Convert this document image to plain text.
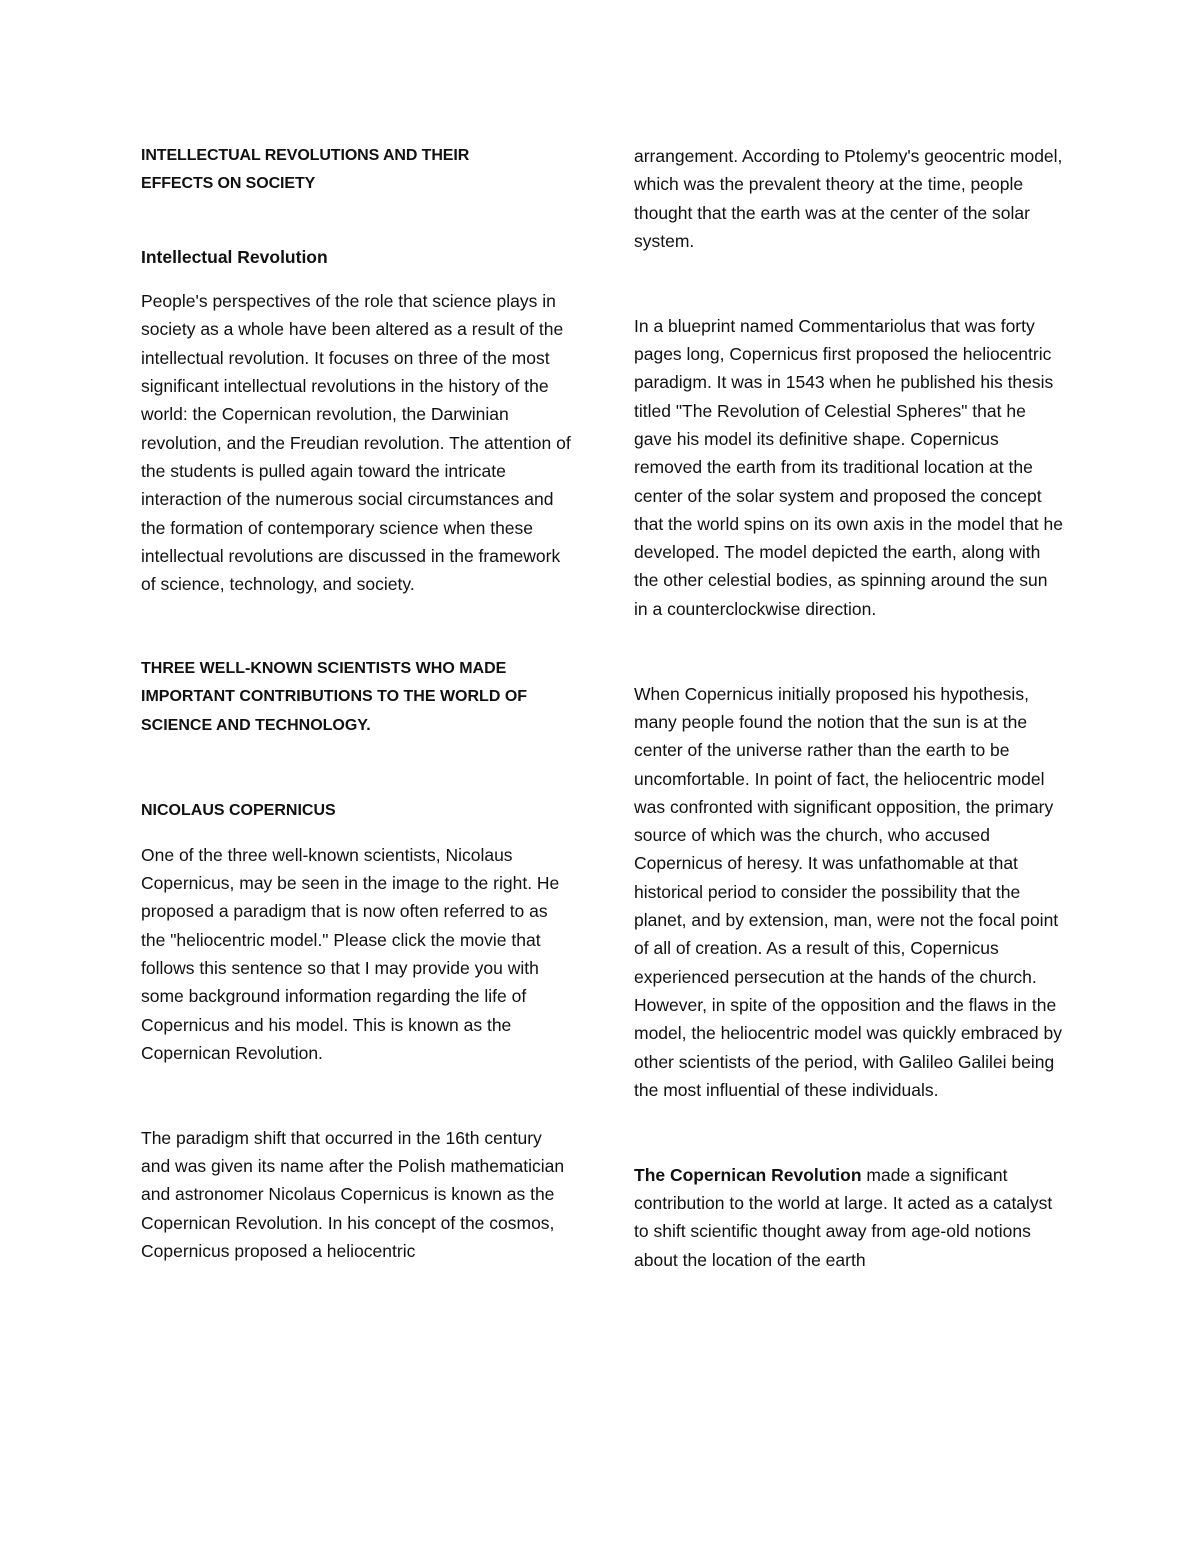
INTELLECTUAL REVOLUTIONS AND THEIR EFFECTS ON SOCIETY

Intellectual Revolution

People's perspectives of the role that science plays in society as a whole have been altered as a result of the intellectual revolution. It focuses on three of the most significant intellectual revolutions in the history of the world: the Copernican revolution, the Darwinian revolution, and the Freudian revolution. The attention of the students is pulled again toward the intricate interaction of the numerous social circumstances and the formation of contemporary science when these intellectual revolutions are discussed in the framework of science, technology, and society.

THREE WELL-KNOWN SCIENTISTS WHO MADE IMPORTANT CONTRIBUTIONS TO THE WORLD OF SCIENCE AND TECHNOLOGY.

NICOLAUS COPERNICUS

One of the three well-known scientists, Nicolaus Copernicus, may be seen in the image to the right. He proposed a paradigm that is now often referred to as the "heliocentric model." Please click the movie that follows this sentence so that I may provide you with some background information regarding the life of Copernicus and his model. This is known as the Copernican Revolution.

The paradigm shift that occurred in the 16th century and was given its name after the Polish mathematician and astronomer Nicolaus Copernicus is known as the Copernican Revolution. In his concept of the cosmos, Copernicus proposed a heliocentric

arrangement. According to Ptolemy's geocentric model, which was the prevalent theory at the time, people thought that the earth was at the center of the solar system.

In a blueprint named Commentariolus that was forty pages long, Copernicus first proposed the heliocentric paradigm. It was in 1543 when he published his thesis titled "The Revolution of Celestial Spheres" that he gave his model its definitive shape. Copernicus removed the earth from its traditional location at the center of the solar system and proposed the concept that the world spins on its own axis in the model that he developed. The model depicted the earth, along with the other celestial bodies, as spinning around the sun in a counterclockwise direction.

When Copernicus initially proposed his hypothesis, many people found the notion that the sun is at the center of the universe rather than the earth to be uncomfortable. In point of fact, the heliocentric model was confronted with significant opposition, the primary source of which was the church, who accused Copernicus of heresy. It was unfathomable at that historical period to consider the possibility that the planet, and by extension, man, were not the focal point of all of creation. As a result of this, Copernicus experienced persecution at the hands of the church. However, in spite of the opposition and the flaws in the model, the heliocentric model was quickly embraced by other scientists of the period, with Galileo Galilei being the most influential of these individuals.

The Copernican Revolution made a significant contribution to the world at large. It acted as a catalyst to shift scientific thought away from age-old notions about the location of the earth
